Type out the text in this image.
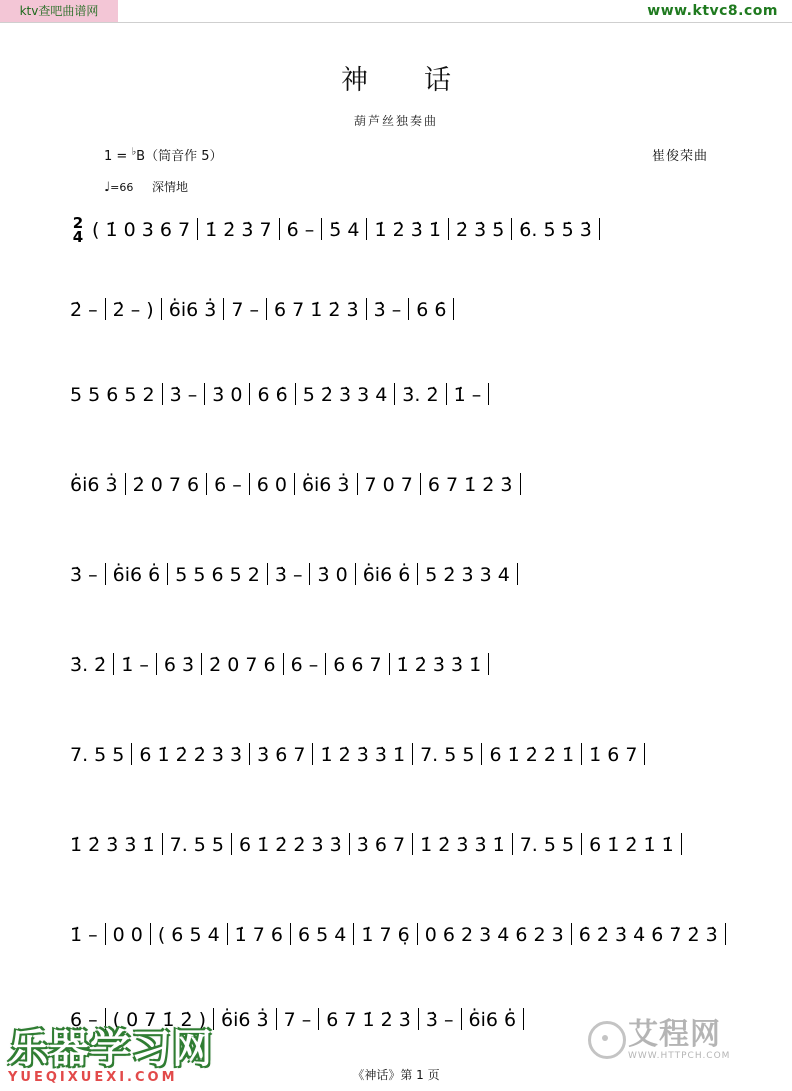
ktv查吧曲谱网	www.ktvc8.com
神话
葫芦丝独奏曲
1 = ♭B（筒音作 5）	崔俊荣曲
♩=66 深情地
2
4 ( 1̇ 0 3 6 7 1̇ 2̇ 3̇ 7 6̇ – 5̇ 4 1̇ 2̇ 3̇ 1̇ 2̇ 3̇ 5̇ 6̇. 5̇ 5̇ 3̇
2̇ – 2̇ – ) 6̇ı̇6 3̇ 7 – 6 7 1̇ 2̇ 3̇ 3̇ – 6 6̇
5 5 6 5 2 3̇ – 3̇ 0 6 6̇ 5 2̇ 3̇ 3 4 3̇. 2̇ 1̇ –
6̇ı̇6 3̇ 2̇ 0 7 6 6 – 6 0 6̇ı̇6 3̇ 7 0 7 6 7 1̇ 2̇ 3̇
3̇ – 6̇ı̇6 6̇ 5 5 6 5 2 3̇ – 3̇ 0 6̇ı̇6 6̇ 5 2̇ 3̇ 3 4
3̇. 2̇ 1̇ – 6 3̇ 2̇ 0 7 6 6 – 6 6 7 1̇ 2̇ 3̇ 3̇ 1̇
7. 5 5 6 1̇ 2̇ 2̇ 3̇ 3̇ 3̇ 6 7 1̇ 2̇ 3̇ 3̇ 1̇ 7. 5 5 6 1̇ 2̇ 2̇ 1̇ 1̇ 6 7
1̇ 2̇ 3̇ 3̇ 1̇ 7. 5 5 6 1̇ 2̇ 2̇ 3̇ 3̇ 3̇ 6 7 1̇ 2̇ 3̇ 3̇ 1̇ 7. 5 5 6 1̇ 2̇ 1̇ 1̇
1̇ – 0 0 ( 6 5 4 1̇ 7 6 6 5 4 1̇ 7 6̣ 0 6 2 3 4 6 2 3 6̇ 2̇ 3̇ 4̇ 6̇ 7̇ 2̇ 3̇
6̣ – ( 0 7 1̇ 2̇ ) 6̇ı̇6 3̇ 7 – 6 7 1̇ 2̇ 3̇ 3̇ – 6̇ı̇6 6̇
《神话》第 1 页
乐器学习网
YUEQIXUEXI.COM
艾程网
WWW.HTTPCH.COM
